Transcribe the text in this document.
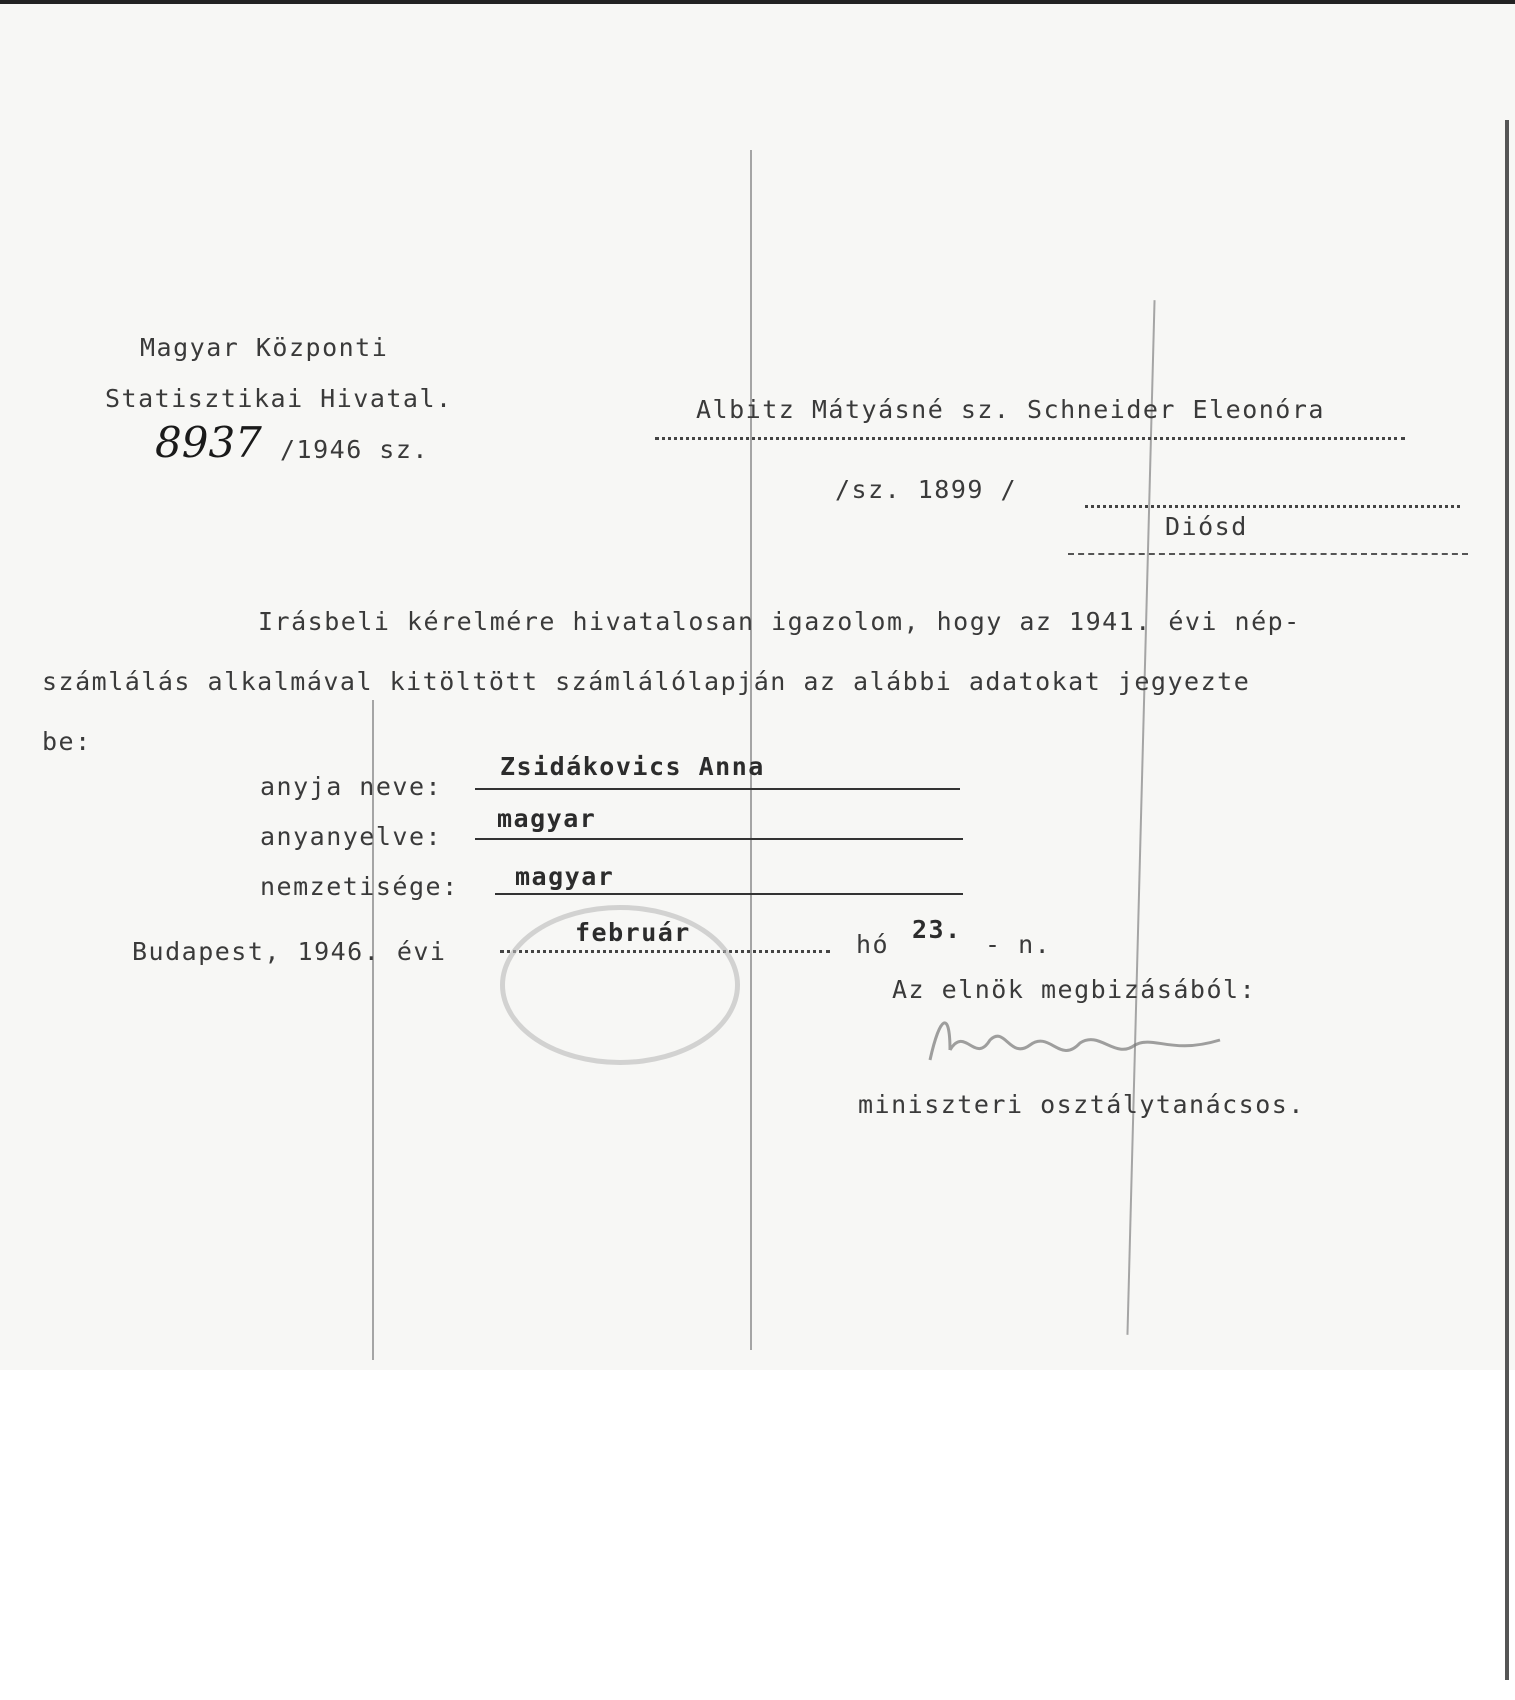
Magyar Központi
Statisztikai Hivatal.
8937 /1946 sz.
Albitz Mátyásné sz. Schneider Eleonóra
/sz. 1899 /
Diósd
Irásbeli kérelmére hivatalosan igazolom, hogy az 1941. évi nép-
számlálás alkalmával kitöltött számlálólapján az alábbi adatokat jegyezte
be:
anyja neve:
Zsidákovics Anna
anyanyelve:
magyar
nemzetisége: magyar
Budapest, 1946. évi
február	hó
23.
- n.
Az elnök megbizásából:
miniszteri osztálytanácsos.
